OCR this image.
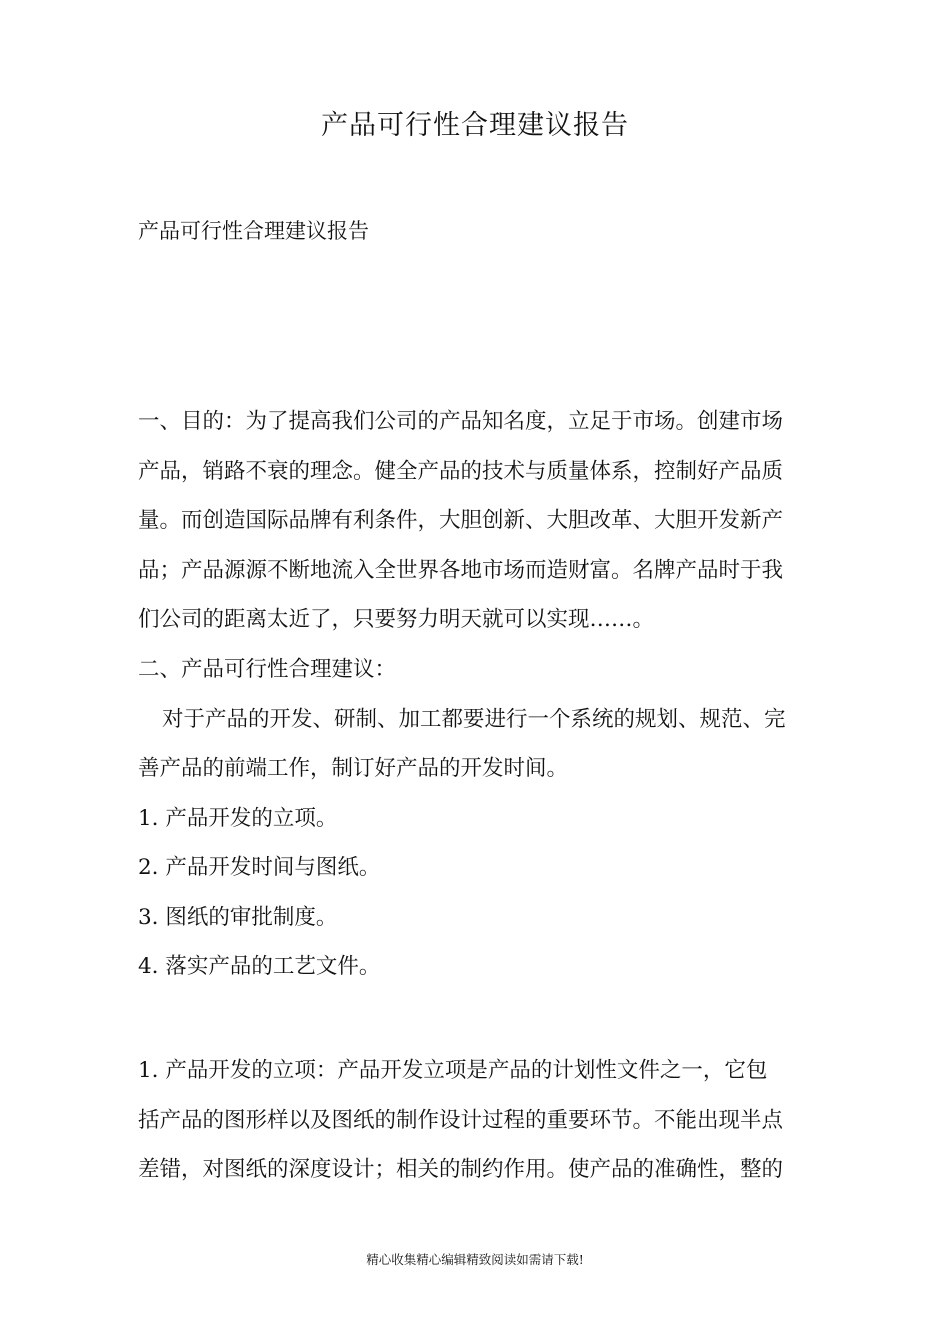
产品可行性合理建议报告
产品可行性合理建议报告
一、目的：为了提高我们公司的产品知名度，立足于市场。创建市场
产品，销路不衰的理念。健全产品的技术与质量体系，控制好产品质
量。而创造国际品牌有利条件，大胆创新、大胆改革、大胆开发新产
品；产品源源不断地流入全世界各地市场而造财富。名牌产品时于我
们公司的距离太近了，只要努力明天就可以实现……。
二、产品可行性合理建议：
对于产品的开发、研制、加工都要进行一个系统的规划、规范、完
善产品的前端工作，制订好产品的开发时间。
1. 产品开发的立项。
2. 产品开发时间与图纸。
3. 图纸的审批制度。
4. 落实产品的工艺文件。
1. 产品开发的立项：产品开发立项是产品的计划性文件之一，它包
括产品的图形样以及图纸的制作设计过程的重要环节。不能出现半点
差错，对图纸的深度设计；相关的制约作用。使产品的准确性，整的
精心收集精心编辑精致阅读如需请下载!
